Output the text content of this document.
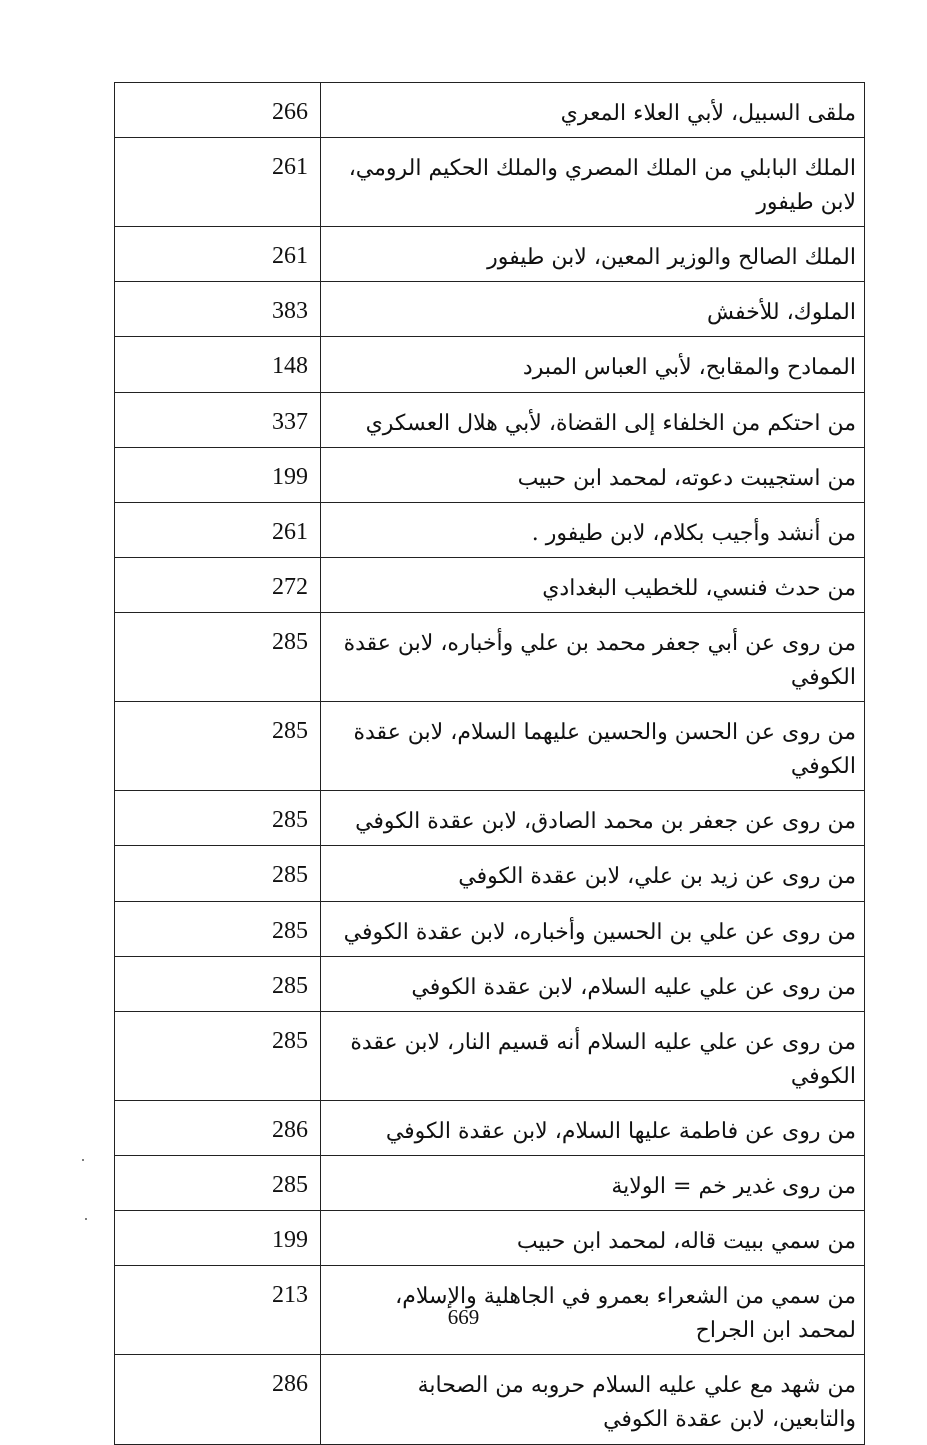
266	ملقى السبيل، لأبي العلاء المعري
261	الملك البابلي من الملك المصري والملك الحكيم الرومي، لابن طيفور
261	الملك الصالح والوزير المعين، لابن طيفور
383	الملوك، للأخفش
148	الممادح والمقابح، لأبي العباس المبرد
337	من احتكم من الخلفاء إلى القضاة، لأبي هلال العسكري
199	من استجيبت دعوته، لمحمد ابن حبيب
261	من أنشد وأجيب بكلام، لابن طيفور .
272	من حدث فنسي، للخطيب البغدادي
285	من روى عن أبي جعفر محمد بن علي وأخباره، لابن عقدة الكوفي
285	من روى عن الحسن والحسين عليهما السلام، لابن عقدة الكوفي
285	من روى عن جعفر بن محمد الصادق، لابن عقدة الكوفي
285	من روى عن زيد بن علي، لابن عقدة الكوفي
285	من روى عن علي بن الحسين وأخباره، لابن عقدة الكوفي
285	من روى عن علي عليه السلام، لابن عقدة الكوفي
285	من روى عن علي عليه السلام أنه قسيم النار، لابن عقدة الكوفي
286	من روى عن فاطمة عليها السلام، لابن عقدة الكوفي
285	من روى غدير خم = الولاية
199	من سمي ببيت قاله، لمحمد ابن حبيب
213	من سمي من الشعراء بعمرو في الجاهلية والإسلام، لمحمد ابن الجراح
286	من شهد مع علي عليه السلام حروبه من الصحابة والتابعين، لابن عقدة الكوفي
669
